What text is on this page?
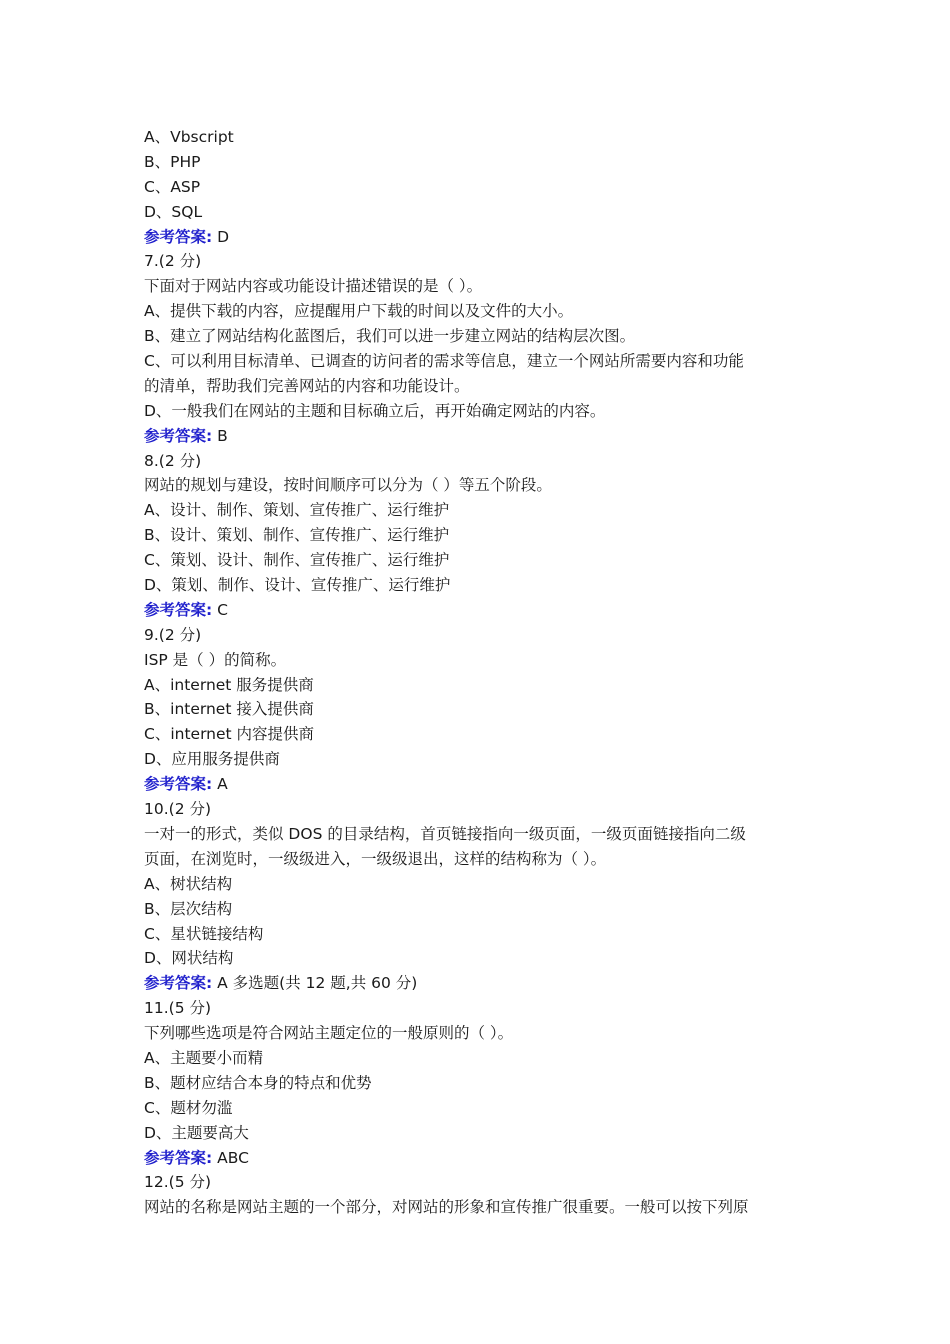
A、Vbscript
B、PHP
C、ASP
D、SQL
参考答案: D
7.(2 分)
下面对于网站内容或功能设计描述错误的是（ ）。
A、提供下载的内容，应提醒用户下载的时间以及文件的大小。
B、建立了网站结构化蓝图后，我们可以进一步建立网站的结构层次图。
C、可以利用目标清单、已调查的访问者的需求等信息，建立一个网站所需要内容和功能
的清单，帮助我们完善网站的内容和功能设计。
D、一般我们在网站的主题和目标确立后，再开始确定网站的内容。
参考答案: B
8.(2 分)
网站的规划与建设，按时间顺序可以分为（ ）等五个阶段。
A、设计、制作、策划、宣传推广、运行维护
B、设计、策划、制作、宣传推广、运行维护
C、策划、设计、制作、宣传推广、运行维护
D、策划、制作、设计、宣传推广、运行维护
参考答案: C
9.(2 分)
ISP 是（ ）的简称。
A、internet 服务提供商
B、internet 接入提供商
C、internet 内容提供商
D、应用服务提供商
参考答案: A
10.(2 分)
一对一的形式，类似 DOS 的目录结构，首页链接指向一级页面，一级页面链接指向二级
页面，在浏览时，一级级进入，一级级退出，这样的结构称为（ ）。
A、树状结构
B、层次结构
C、星状链接结构
D、网状结构
参考答案: A 多选题(共 12 题,共 60 分)
11.(5 分)
下列哪些选项是符合网站主题定位的一般原则的（ ）。
A、主题要小而精
B、题材应结合本身的特点和优势
C、题材勿滥
D、主题要高大
参考答案: ABC
12.(5 分)
网站的名称是网站主题的一个部分，对网站的形象和宣传推广很重要。一般可以按下列原
